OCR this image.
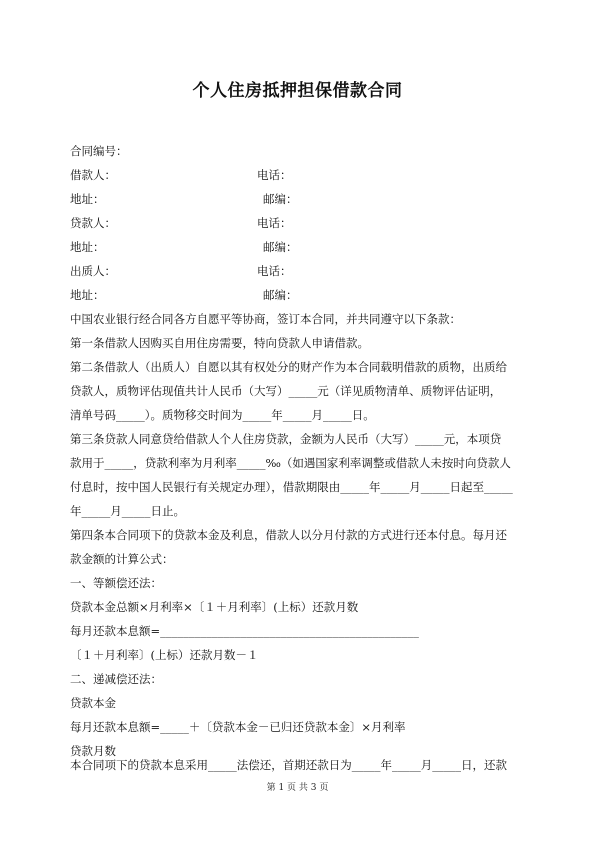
个人住房抵押担保借款合同
合同编号：
借款人：	电话：
地址：	邮编：
贷款人：	电话：
地址：	邮编：
出质人：	电话：
地址：	邮编：
中国农业银行经合同各方自愿平等协商，签订本合同，并共同遵守以下条款：
第一条借款人因购买自用住房需要，特向贷款人申请借款。
第二条借款人（出质人）自愿以其有权处分的财产作为本合同载明借款的质物，出质给
贷款人，质物评估现值共计人民币（大写）_____元（详见质物清单、质物评估证明，
清单号码_____）。质物移交时间为_____年_____月_____日。
第三条贷款人同意贷给借款人个人住房贷款，金额为人民币（大写）_____元，本项贷
款用于_____，贷款利率为月利率_____‰（如遇国家利率调整或借款人未按时向贷款人
付息时，按中国人民银行有关规定办理），借款期限由_____年_____月_____日起至_____
年_____月_____日止。
第四条本合同项下的贷款本金及利息，借款人以分月付款的方式进行还本付息。每月还
款金额的计算公式：
一、等额偿还法：
贷款本金总额×月利率×〔１＋月利率〕(上标）还款月数
每月还款本息额=_____________________________________________
〔１＋月利率〕(上标）还款月数－１
二、递减偿还法：
贷款本金
每月还款本息额=_____＋〔贷款本金－已归还贷款本金〕×月利率
贷款月数
本合同项下的贷款本息采用_____法偿还，首期还款日为_____年_____月_____日，还款
第 1 页 共 3 页
